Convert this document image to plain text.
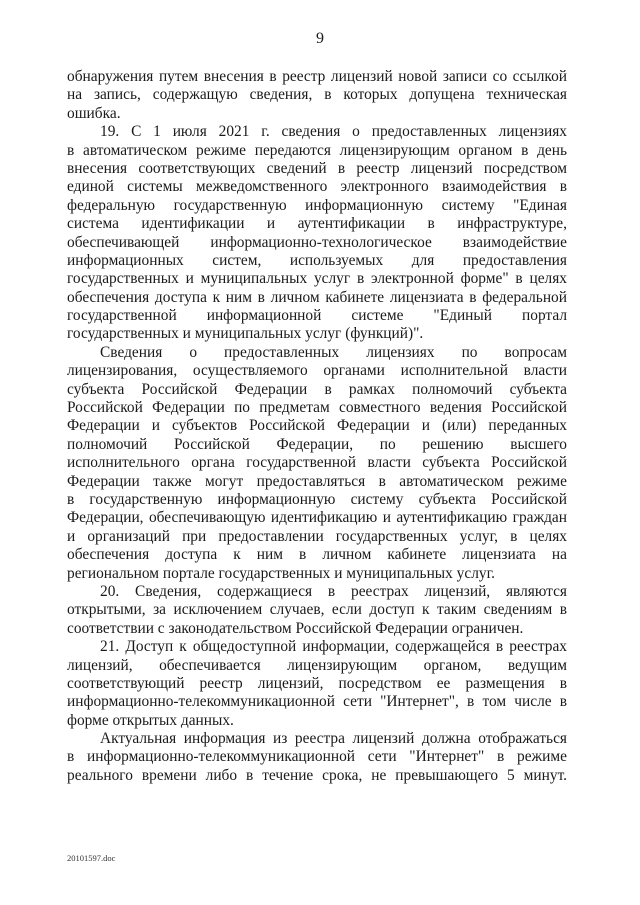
9
обнаружения путем внесения в реестр лицензий новой записи со ссылкой
на запись, содержащую сведения, в которых допущена техническая
ошибка.
19. С 1 июля 2021 г. сведения о предоставленных лицензиях
в автоматическом режиме передаются лицензирующим органом в день
внесения соответствующих сведений в реестр лицензий посредством
единой системы межведомственного электронного взаимодействия в
федеральную государственную информационную систему "Единая
система идентификации и аутентификации в инфраструктуре,
обеспечивающей информационно-технологическое взаимодействие
информационных систем, используемых для предоставления
государственных и муниципальных услуг в электронной форме" в целях
обеспечения доступа к ним в личном кабинете лицензиата в федеральной
государственной информационной системе "Единый портал
государственных и муниципальных услуг (функций)".
Сведения о предоставленных лицензиях по вопросам
лицензирования, осуществляемого органами исполнительной власти
субъекта Российской Федерации в рамках полномочий субъекта
Российской Федерации по предметам совместного ведения Российской
Федерации и субъектов Российской Федерации и (или) переданных
полномочий Российской Федерации, по решению высшего
исполнительного органа государственной власти субъекта Российской
Федерации также могут предоставляться в автоматическом режиме
в государственную информационную систему субъекта Российской
Федерации, обеспечивающую идентификацию и аутентификацию граждан
и организаций при предоставлении государственных услуг, в целях
обеспечения доступа к ним в личном кабинете лицензиата на
региональном портале государственных и муниципальных услуг.
20. Сведения, содержащиеся в реестрах лицензий, являются
открытыми, за исключением случаев, если доступ к таким сведениям в
соответствии с законодательством Российской Федерации ограничен.
21. Доступ к общедоступной информации, содержащейся в реестрах
лицензий, обеспечивается лицензирующим органом, ведущим
соответствующий реестр лицензий, посредством ее размещения в
информационно-телекоммуникационной сети "Интернет", в том числе в
форме открытых данных.
Актуальная информация из реестра лицензий должна отображаться
в информационно-телекоммуникационной сети "Интернет" в режиме
реального времени либо в течение срока, не превышающего 5 минут.
20101597.doc
